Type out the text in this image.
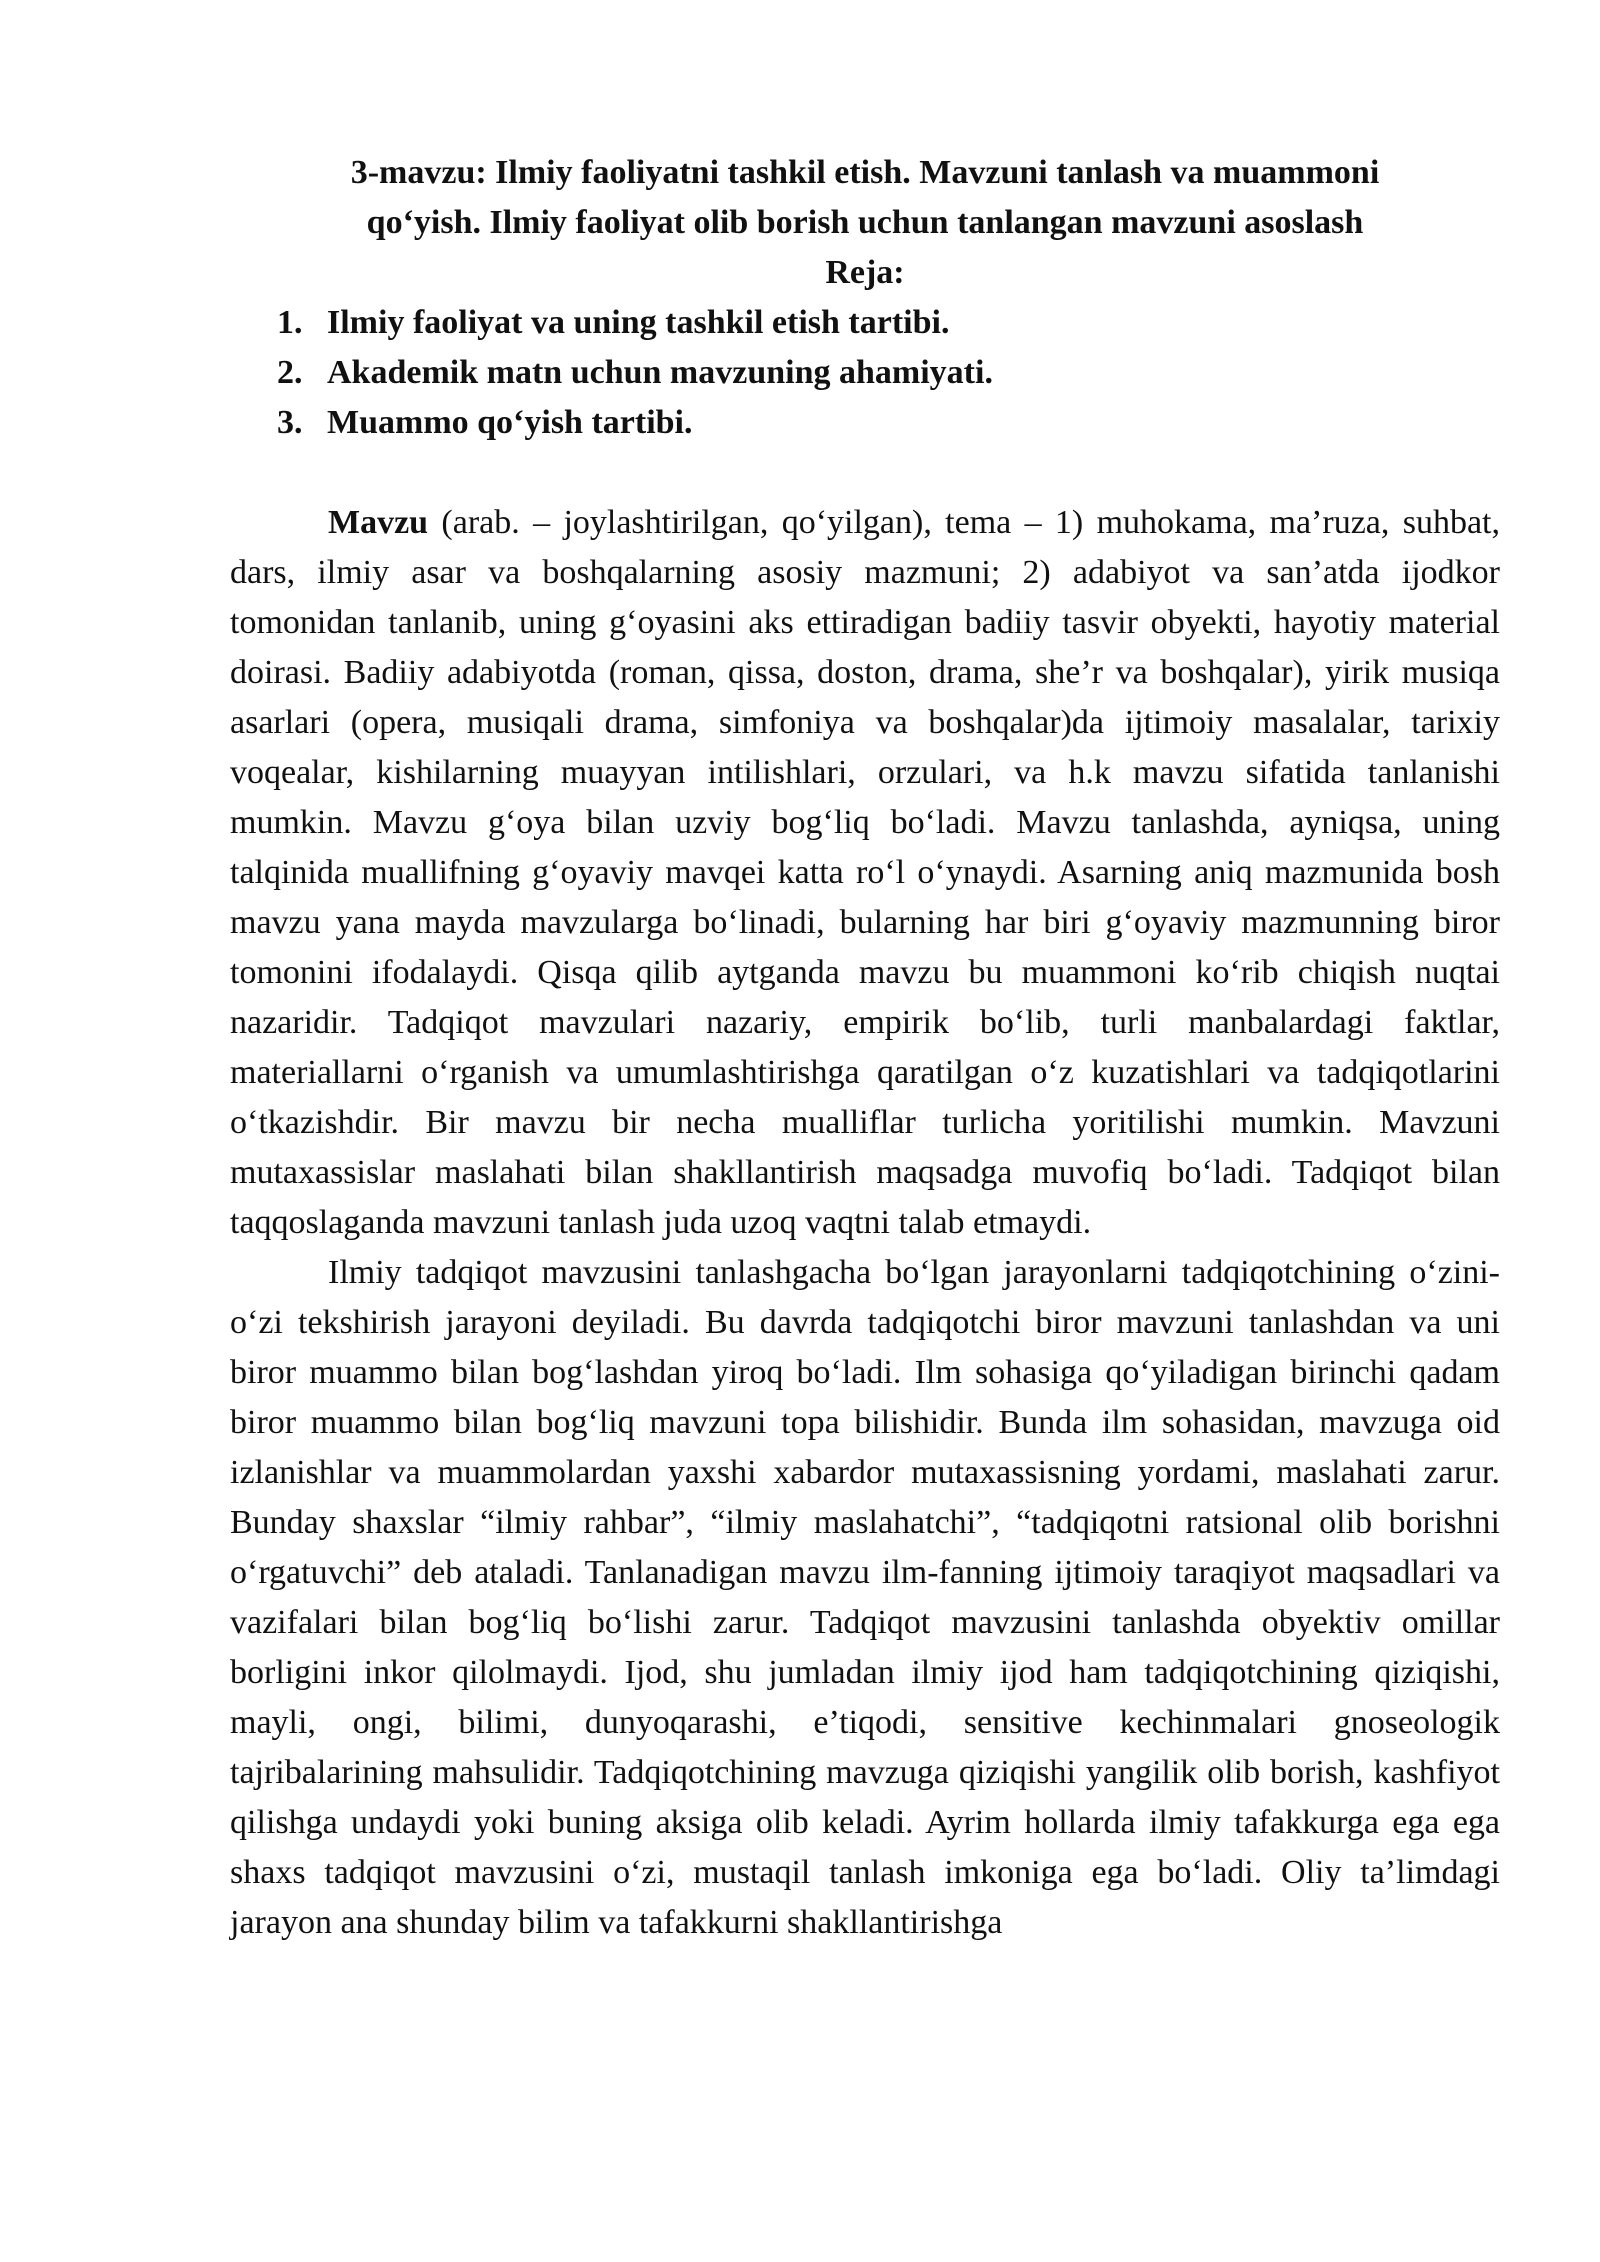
3-mavzu: Ilmiy faoliyatni tashkil etish. Mavzuni tanlash va muammoni
qo‘yish. Ilmiy faoliyat olib borish uchun tanlangan mavzuni asoslash
Reja:
1. Ilmiy faoliyat va uning tashkil etish tartibi.
2. Akademik matn uchun mavzuning ahamiyati.
3. Muammo qo‘yish tartibi.

Mavzu (arab. – joylashtirilgan, qo‘yilgan), tema – 1) muhokama, ma’ruza, suhbat, dars, ilmiy asar va boshqalarning asosiy mazmuni; 2) adabiyot va san’atda ijodkor tomonidan tanlanib, uning g‘oyasini aks ettiradigan badiiy tasvir obyekti, hayotiy material doirasi. Badiiy adabiyotda (roman, qissa, doston, drama, she’r va boshqalar), yirik musiqa asarlari (opera, musiqali drama, simfoniya va boshqalar)da ijtimoiy masalalar, tarixiy voqealar, kishilarning muayyan intilishlari, orzulari, va h.k mavzu sifatida tanlanishi mumkin. Mavzu g‘oya bilan uzviy bog‘liq bo‘ladi. Mavzu tanlashda, ayniqsa, uning talqinida muallifning g‘oyaviy mavqei katta ro‘l o‘ynaydi. Asarning aniq mazmunida bosh mavzu yana mayda mavzularga bo‘linadi, bularning har biri g‘oyaviy mazmunning biror tomonini ifodalaydi. Qisqa qilib aytganda mavzu bu muammoni ko‘rib chiqish nuqtai nazaridir. Tadqiqot mavzulari nazariy, empirik bo‘lib, turli manbalardagi faktlar, materiallarni o‘rganish va umumlashtirishga qaratilgan o‘z kuzatishlari va tadqiqotlarini o‘tkazishdir. Bir mavzu bir necha mualliflar turlicha yoritilishi mumkin. Mavzuni mutaxassislar maslahati bilan shakllantirish maqsadga muvofiq bo‘ladi. Tadqiqot bilan taqqoslaganda mavzuni tanlash juda uzoq vaqtni talab etmaydi.

Ilmiy tadqiqot mavzusini tanlashgacha bo‘lgan jarayonlarni tadqiqotchining o‘zini-o‘zi tekshirish jarayoni deyiladi. Bu davrda tadqiqotchi biror mavzuni tanlashdan va uni biror muammo bilan bog‘lashdan yiroq bo‘ladi. Ilm sohasiga qo‘yiladigan birinchi qadam biror muammo bilan bog‘liq mavzuni topa bilishidir. Bunda ilm sohasidan, mavzuga oid izlanishlar va muammolardan yaxshi xabardor mutaxassisning yordami, maslahati zarur. Bunday shaxslar “ilmiy rahbar”, “ilmiy maslahatchi”, “tadqiqotni ratsional olib borishni o‘rgatuvchi” deb ataladi. Tanlanadigan mavzu ilm-fanning ijtimoiy taraqiyot maqsadlari va vazifalari bilan bog‘liq bo‘lishi zarur. Tadqiqot mavzusini tanlashda obyektiv omillar borligini inkor qilolmaydi. Ijod, shu jumladan ilmiy ijod ham tadqiqotchining qiziqishi, mayli, ongi, bilimi, dunyoqarashi, e’tiqodi, sensitive kechinmalari gnoseologik tajribalarining mahsulidir. Tadqiqotchining mavzuga qiziqishi yangilik olib borish, kashfiyot qilishga undaydi yoki buning aksiga olib keladi. Ayrim hollarda ilmiy tafakkurga ega ega shaxs tadqiqot mavzusini o‘zi, mustaqil tanlash imkoniga ega bo‘ladi. Oliy ta’limdagi jarayon ana shunday bilim va tafakkurni shakllantirishga
